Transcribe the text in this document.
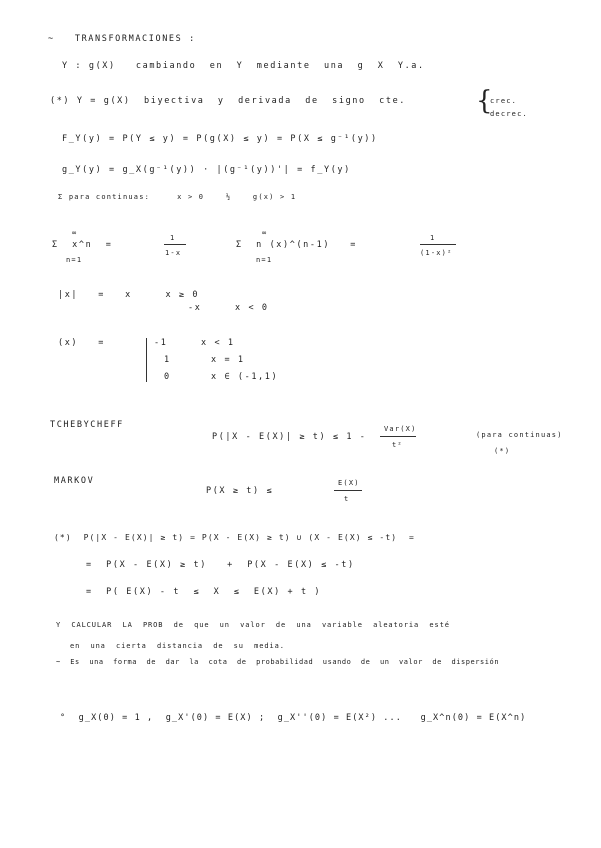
~   TRANSFORMACIONES :
Y : g(X)   cambiando  en  Y  mediante  una  g  X  Y.a.
(*) Y = g(X)  biyectiva  y  derivada  de  signo  cte.	{
crec.
decrec.
F_Y(y) = P(Y ≤ y) = P(g(X) ≤ y) = P(X ≤ g⁻¹(y))
g_Y(y) = g_X(g⁻¹(y)) · |(g⁻¹(y))'| = f_Y(y)
Σ para continuas:     x > 0    ½    g(x) > 1
∞
Σ  x^n  =
n=1
1
1-x
∞
Σ  n (x)^(n-1)   =
n=1
1
(1-x)²
|x|   =   x     x ≥ 0
-x     x < 0
(x)   =	-1     x < 1
1      x = 1
0      x ∈ (-1,1)
TCHEBYCHEFF
P(|X - E(X)| ≥ t) ≤ 1 -
Var(X)
t²
(para continuas)
(*)
MARKOV
P(X ≥ t) ≤
E(X)
t
(*)  P(|X - E(X)| ≥ t) = P(X - E(X) ≥ t) ∪ (X - E(X) ≤ -t)  =
=  P(X - E(X) ≥ t)   +  P(X - E(X) ≤ -t)
=  P( E(X) - t  ≤  X  ≤  E(X) + t )
Y  CALCULAR  LA  PROB  de  que  un  valor  de  una  variable  aleatoria  esté
en  una  cierta  distancia  de  su  media.
~  Es  una  forma  de  dar  la  cota  de  probabilidad  usando  de  un  valor  de  dispersión
°  g_X(0) = 1 ,  g_X'(0) = E(X) ;  g_X''(0) = E(X²) ...   g_X^n(0) = E(X^n)
